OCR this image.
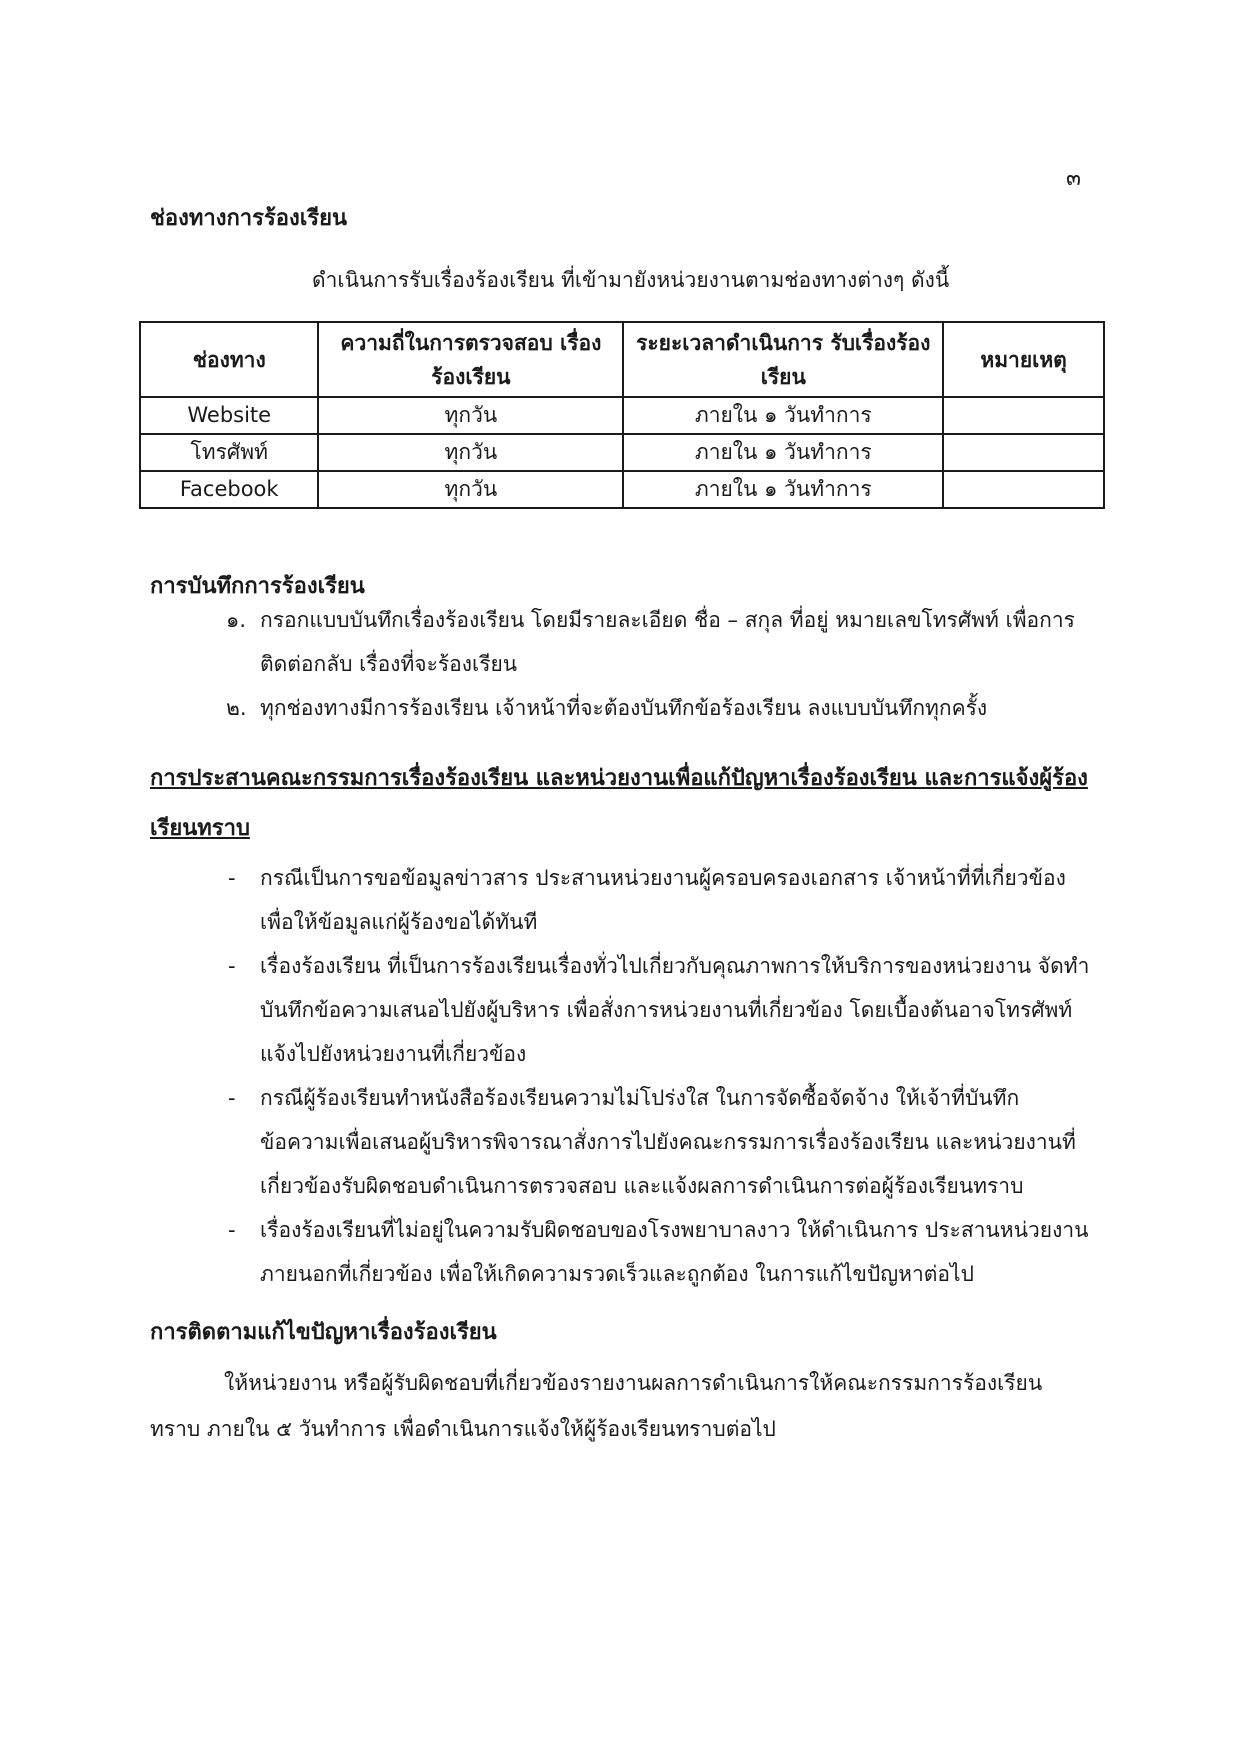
๓
ช่องทางการร้องเรียน
ดำเนินการรับเรื่องร้องเรียน ที่เข้ามายังหน่วยงานตามช่องทางต่างๆ ดังนี้
ช่องทาง	ความถี่ในการตรวจสอบ เรื่องร้องเรียน	ระยะเวลาดำเนินการ รับเรื่องร้องเรียน	หมายเหตุ
Website	ทุกวัน	ภายใน ๑ วันทำการ	
โทรศัพท์	ทุกวัน	ภายใน ๑ วันทำการ	
Facebook	ทุกวัน	ภายใน ๑ วันทำการ	
การบันทึกการร้องเรียน
๑. กรอกแบบบันทึกเรื่องร้องเรียน โดยมีรายละเอียด ชื่อ – สกุล ที่อยู่ หมายเลขโทรศัพท์ เพื่อการติดต่อกลับ เรื่องที่จะร้องเรียน
๒. ทุกช่องทางมีการร้องเรียน เจ้าหน้าที่จะต้องบันทึกข้อร้องเรียน ลงแบบบันทึกทุกครั้ง
การประสานคณะกรรมการเรื่องร้องเรียน และหน่วยงานเพื่อแก้ปัญหาเรื่องร้องเรียน และการแจ้งผู้ร้องเรียนทราบ
- กรณีเป็นการขอข้อมูลข่าวสาร ประสานหน่วยงานผู้ครอบครองเอกสาร เจ้าหน้าที่ที่เกี่ยวข้อง เพื่อให้ข้อมูลแก่ผู้ร้องขอได้ทันที
- เรื่องร้องเรียน ที่เป็นการร้องเรียนเรื่องทั่วไปเกี่ยวกับคุณภาพการให้บริการของหน่วยงาน จัดทำบันทึกข้อความเสนอไปยังผู้บริหาร เพื่อสั่งการหน่วยงานที่เกี่ยวข้อง โดยเบื้องต้นอาจโทรศัพท์แจ้งไปยังหน่วยงานที่เกี่ยวข้อง
- กรณีผู้ร้องเรียนทำหนังสือร้องเรียนความไม่โปร่งใส ในการจัดซื้อจัดจ้าง ให้เจ้าที่บันทึกข้อความเพื่อเสนอผู้บริหารพิจารณาสั่งการไปยังคณะกรรมการเรื่องร้องเรียน และหน่วยงานที่เกี่ยวข้องรับผิดชอบดำเนินการตรวจสอบ และแจ้งผลการดำเนินการต่อผู้ร้องเรียนทราบ
- เรื่องร้องเรียนที่ไม่อยู่ในความรับผิดชอบของโรงพยาบาลงาว ให้ดำเนินการ ประสานหน่วยงานภายนอกที่เกี่ยวข้อง เพื่อให้เกิดความรวดเร็วและถูกต้อง ในการแก้ไขปัญหาต่อไป
การติดตามแก้ไขปัญหาเรื่องร้องเรียน
ให้หน่วยงาน หรือผู้รับผิดชอบที่เกี่ยวข้องรายงานผลการดำเนินการให้คณะกรรมการร้องเรียนทราบ ภายใน ๕ วันทำการ เพื่อดำเนินการแจ้งให้ผู้ร้องเรียนทราบต่อไป
